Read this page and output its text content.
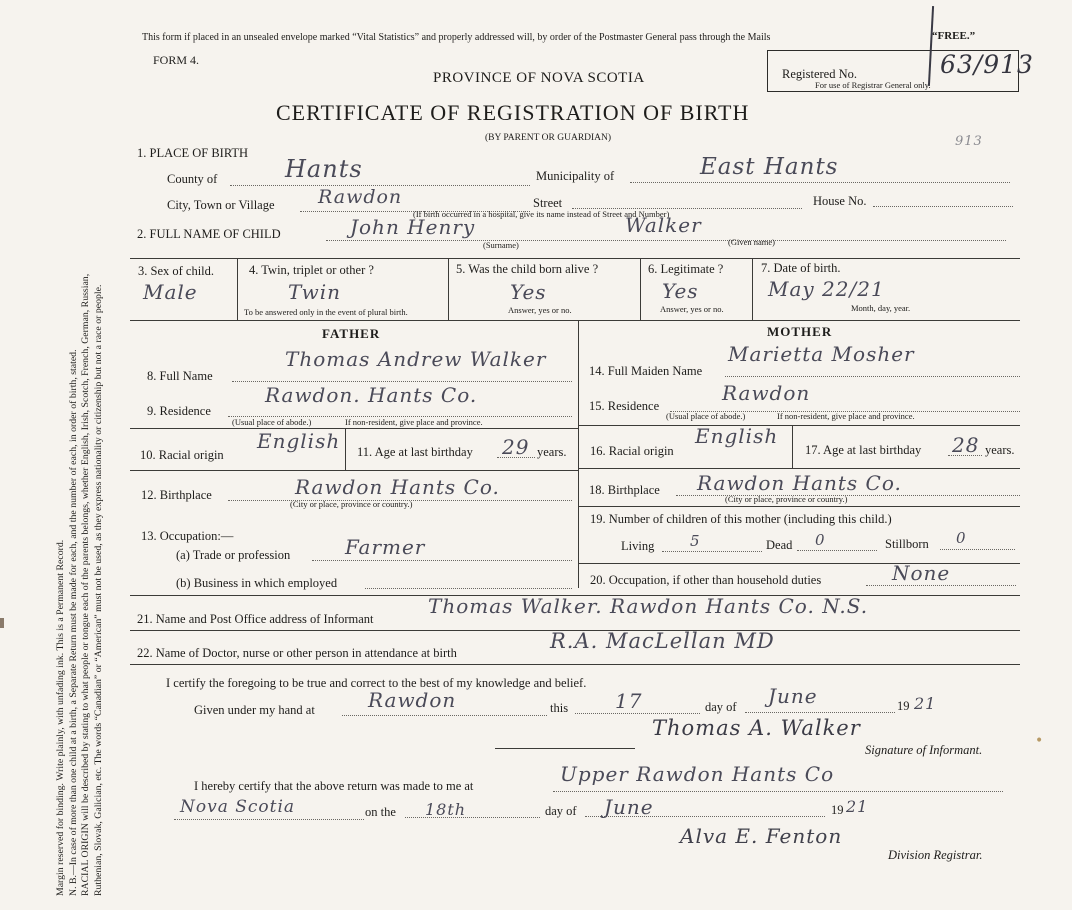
Margin reserved for binding. Write plainly, with unfading ink. This is a Permanent Record. N. B.—In case of more than one child at a birth, a Separate Return must be made for each, and the number of each, in order of birth, stated. RACIAL ORIGIN will be described by stating to what people or tongue each of the parents belongs, whether English, Irish, Scotch, French, German, Russian, Ruthenian, Slovak, Galician, etc. The words “Canadian” or “American” must not be used, as they express nationality or citizenship but not a race or people.
This form if placed in an unsealed envelope marked “Vital Statistics” and properly addressed will, by order of the Postmaster General pass through the Mails	“FREE.”
FORM 4.
PROVINCE OF NOVA SCOTIA
CERTIFICATE OF REGISTRATION OF BIRTH
(BY PARENT OR GUARDIAN)
Registered No.	63/913
For use of Registrar General only.
913
1. PLACE OF BIRTH
County of	Hants	Municipality of	East Hants
City, Town or Village Rawdon	Street	House No.
(If birth occurred in a hospital, give its name instead of Street and Number)
2. FULL NAME OF CHILD	John Henry	Walker
(Surname)	(Given name)
3. Sex of child.
Male
4. Twin, triplet or other ?
Twin
To be answered only in the event of plural birth.
5. Was the child born alive ?
Yes
Answer, yes or no.
6. Legitimate ?
Yes
Answer, yes or no.
7. Date of birth.
May 22/21
Month, day, year.
FATHER	MOTHER
8. Full Name
Thomas Andrew Walker
9. Residence
Rawdon. Hants Co.
(Usual place of abode.)	If non-resident, give place and province.
10. Racial origin
English 11. Age at last birthday 29 years.
12. Birthplace	Rawdon Hants Co.
(City or place, province or country.)
13. Occupation:—
(a) Trade or profession	Farmer
(b) Business in which employed
14. Full Maiden Name
Marietta Mosher
15. Residence
Rawdon
(Usual place of abode.)	If non-resident, give place and province.
16. Racial origin
English
17. Age at last birthday 28 years.
18. Birthplace Rawdon Hants Co.
(City or place, province or country.)
19. Number of children of this mother (including this child.)
Living 5	Dead 0	Stillborn 0
20. Occupation, if other than household duties	None
21. Name and Post Office address of Informant
Thomas Walker. Rawdon Hants Co. N.S.
22. Name of Doctor, nurse or other person in attendance at birth	R.A. MacLellan MD
I certify the foregoing to be true and correct to the best of my knowledge and belief.
Given under my hand at	Rawdon	this 17	day of June	19 21
Thomas A. Walker
Signature of Informant.
•
I hereby certify that the above return was made to me at	Upper Rawdon Hants Co
Nova Scotia	on the 18th	day of June	19 21
Alva E. Fenton
Division Registrar.
